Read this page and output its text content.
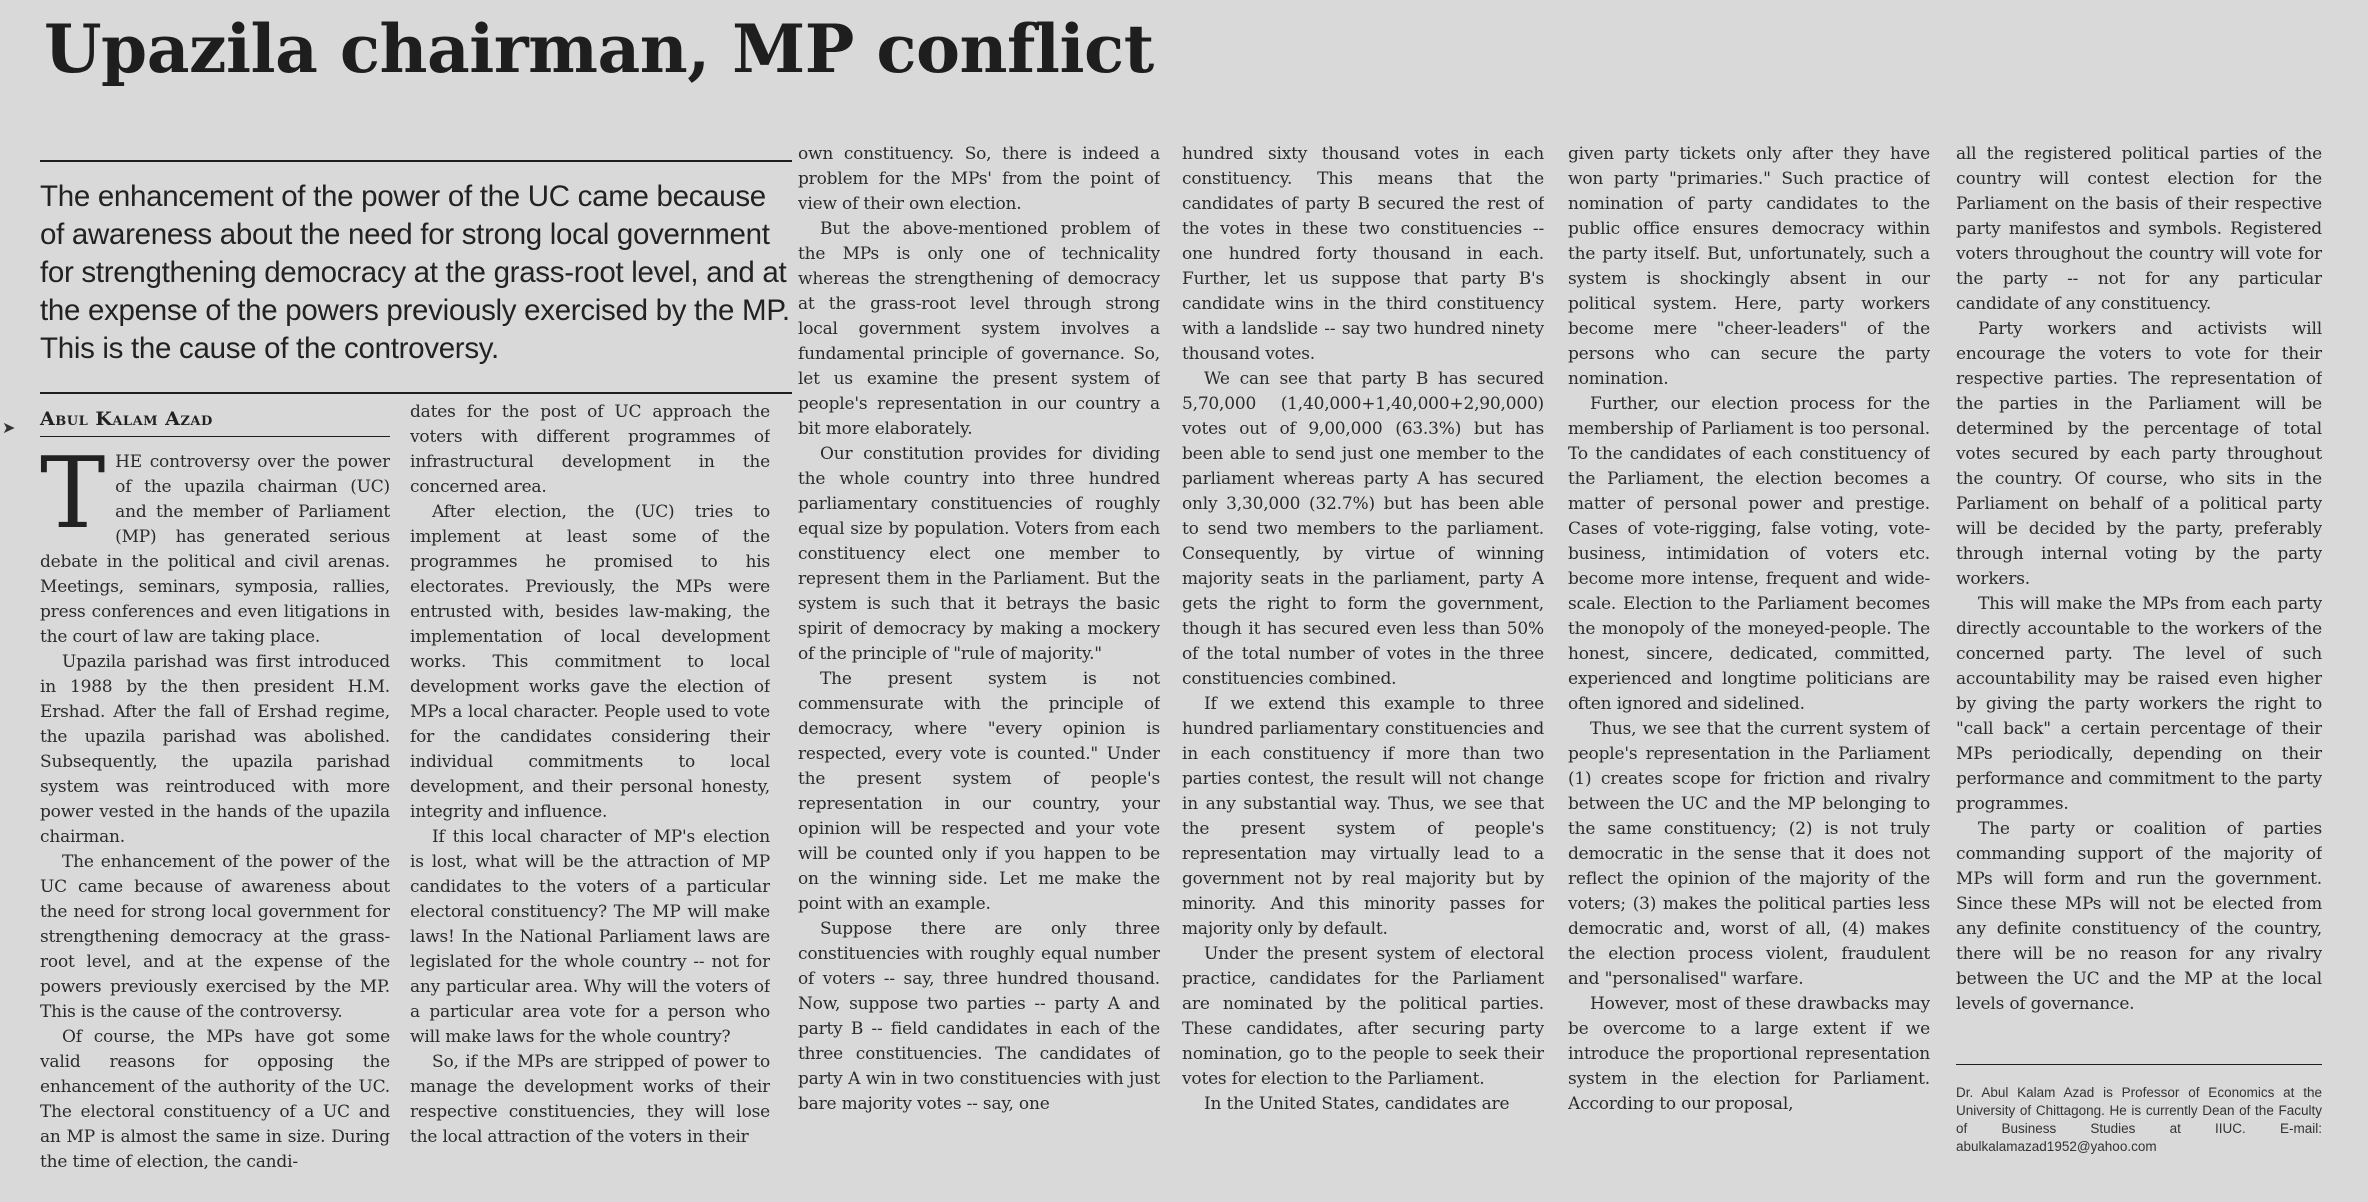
Upazila chairman, MP conflict

The enhancement of the power of the UC came because of awareness about the need for strong local government for strengthening democracy at the grass-root level, and at the expense of the powers previously exercised by the MP. This is the cause of the controversy.

➤ Abul Kalam Azad

THE controversy over the power of the upazila chairman (UC) and the member of Parliament (MP) has generated serious debate in the political and civil arenas. Meetings, seminars, symposia, rallies, press conferences and even litigations in the court of law are taking place.

Upazila parishad was first introduced in 1988 by the then president H.M. Ershad. After the fall of Ershad regime, the upazila parishad was abolished. Subsequently, the upazila parishad system was reintroduced with more power vested in the hands of the upazila chairman.

The enhancement of the power of the UC came because of awareness about the need for strong local government for strengthening democracy at the grass-root level, and at the expense of the powers previously exercised by the MP. This is the cause of the controversy.

Of course, the MPs have got some valid reasons for opposing the enhancement of the authority of the UC. The electoral constituency of a UC and an MP is almost the same in size. During the time of election, the candi-

dates for the post of UC approach the voters with different programmes of infrastructural development in the concerned area.

After election, the (UC) tries to implement at least some of the programmes he promised to his electorates. Previously, the MPs were entrusted with, besides law-making, the implementation of local development works. This commitment to local development works gave the election of MPs a local character. People used to vote for the candidates considering their individual commitments to local development, and their personal honesty, integrity and influence.

If this local character of MP's election is lost, what will be the attraction of MP candidates to the voters of a particular electoral constituency? The MP will make laws! In the National Parliament laws are legislated for the whole country -- not for any particular area. Why will the voters of a particular area vote for a person who will make laws for the whole country?

So, if the MPs are stripped of power to manage the development works of their respective constituencies, they will lose the local attraction of the voters in their

own constituency. So, there is indeed a problem for the MPs' from the point of view of their own election.

But the above-mentioned problem of the MPs is only one of technicality whereas the strengthening of democracy at the grass-root level through strong local government system involves a fundamental principle of governance. So, let us examine the present system of people's representation in our country a bit more elaborately.

Our constitution provides for dividing the whole country into three hundred parliamentary constituencies of roughly equal size by population. Voters from each constituency elect one member to represent them in the Parliament. But the system is such that it betrays the basic spirit of democracy by making a mockery of the principle of "rule of majority."

The present system is not commensurate with the principle of democracy, where "every opinion is respected, every vote is counted." Under the present system of people's representation in our country, your opinion will be respected and your vote will be counted only if you happen to be on the winning side. Let me make the point with an example.

Suppose there are only three constituencies with roughly equal number of voters -- say, three hundred thousand. Now, suppose two parties -- party A and party B -- field candidates in each of the three constituencies. The candidates of party A win in two constituencies with just bare majority votes -- say, one

hundred sixty thousand votes in each constituency. This means that the candidates of party B secured the rest of the votes in these two constituencies -- one hundred forty thousand in each. Further, let us suppose that party B's candidate wins in the third constituency with a landslide -- say two hundred ninety thousand votes.

We can see that party B has secured 5,70,000 (1,40,000+1,40,000+2,90,000) votes out of 9,00,000 (63.3%) but has been able to send just one member to the parliament whereas party A has secured only 3,30,000 (32.7%) but has been able to send two members to the parliament. Consequently, by virtue of winning majority seats in the parliament, party A gets the right to form the government, though it has secured even less than 50% of the total number of votes in the three constituencies combined.

If we extend this example to three hundred parliamentary constituencies and in each constituency if more than two parties contest, the result will not change in any substantial way. Thus, we see that the present system of people's representation may virtually lead to a government not by real majority but by minority. And this minority passes for majority only by default.

Under the present system of electoral practice, candidates for the Parliament are nominated by the political parties. These candidates, after securing party nomination, go to the people to seek their votes for election to the Parliament.

In the United States, candidates are

given party tickets only after they have won party "primaries." Such practice of nomination of party candidates to the public office ensures democracy within the party itself. But, unfortunately, such a system is shockingly absent in our political system. Here, party workers become mere "cheer-leaders" of the persons who can secure the party nomination.

Further, our election process for the membership of Parliament is too personal. To the candidates of each constituency of the Parliament, the election becomes a matter of personal power and prestige. Cases of vote-rigging, false voting, vote-business, intimidation of voters etc. become more intense, frequent and wide-scale. Election to the Parliament becomes the monopoly of the moneyed-people. The honest, sincere, dedicated, committed, experienced and longtime politicians are often ignored and sidelined.

Thus, we see that the current system of people's representation in the Parliament (1) creates scope for friction and rivalry between the UC and the MP belonging to the same constituency; (2) is not truly democratic in the sense that it does not reflect the opinion of the majority of the voters; (3) makes the political parties less democratic and, worst of all, (4) makes the election process violent, fraudulent and "personalised" warfare.

However, most of these drawbacks may be overcome to a large extent if we introduce the proportional representation system in the election for Parliament. According to our proposal,

all the registered political parties of the country will contest election for the Parliament on the basis of their respective party manifestos and symbols. Registered voters throughout the country will vote for the party -- not for any particular candidate of any constituency.

Party workers and activists will encourage the voters to vote for their respective parties. The representation of the parties in the Parliament will be determined by the percentage of total votes secured by each party throughout the country. Of course, who sits in the Parliament on behalf of a political party will be decided by the party, preferably through internal voting by the party workers.

This will make the MPs from each party directly accountable to the workers of the concerned party. The level of such accountability may be raised even higher by giving the party workers the right to "call back" a certain percentage of their MPs periodically, depending on their performance and commitment to the party programmes.

The party or coalition of parties commanding support of the majority of MPs will form and run the government. Since these MPs will not be elected from any definite constituency of the country, there will be no reason for any rivalry between the UC and the MP at the local levels of governance.

Dr. Abul Kalam Azad is Professor of Economics at the University of Chittagong. He is currently Dean of the Faculty of Business Studies at IIUC. E-mail: abulkalamazad1952@yahoo.com
